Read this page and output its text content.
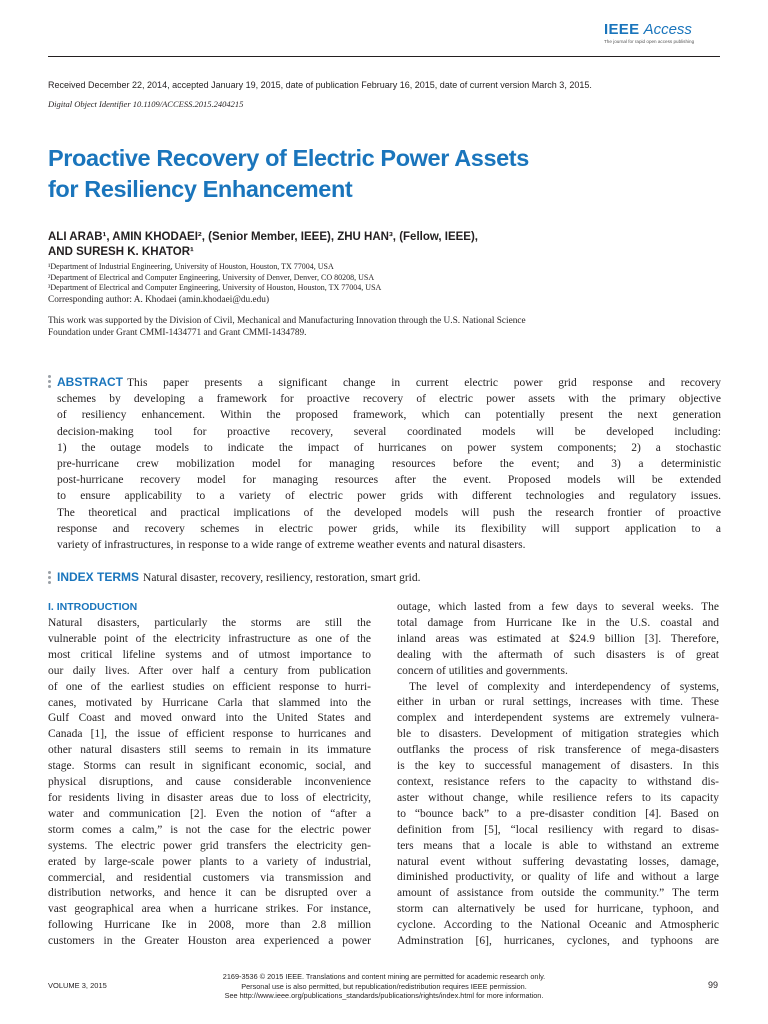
IEEE Access
The journal for rapid open access publishing
Received December 22, 2014, accepted January 19, 2015, date of publication February 16, 2015, date of current version March 3, 2015.
Digital Object Identifier 10.1109/ACCESS.2015.2404215
Proactive Recovery of Electric Power Assets
for Resiliency Enhancement
ALI ARAB¹, AMIN KHODAEI², (Senior Member, IEEE), ZHU HAN³, (Fellow, IEEE),
AND SURESH K. KHATOR¹
¹Department of Industrial Engineering, University of Houston, Houston, TX 77004, USA
²Department of Electrical and Computer Engineering, University of Denver, Denver, CO 80208, USA
³Department of Electrical and Computer Engineering, University of Houston, Houston, TX 77004, USA
Corresponding author: A. Khodaei (amin.khodaei@du.edu)
This work was supported by the Division of Civil, Mechanical and Manufacturing Innovation through the U.S. National Science
Foundation under Grant CMMI-1434771 and Grant CMMI-1434789.
ABSTRACT This paper presents a significant change in current electric power grid response and recovery
schemes by developing a framework for proactive recovery of electric power assets with the primary objective
of resiliency enhancement. Within the proposed framework, which can potentially present the next generation
decision-making tool for proactive recovery, several coordinated models will be developed including:
1) the outage models to indicate the impact of hurricanes on power system components; 2) a stochastic
pre-hurricane crew mobilization model for managing resources before the event; and 3) a deterministic
post-hurricane recovery model for managing resources after the event. Proposed models will be extended
to ensure applicability to a variety of electric power grids with different technologies and regulatory issues.
The theoretical and practical implications of the developed models will push the research frontier of proactive
response and recovery schemes in electric power grids, while its flexibility will support application to a
variety of infrastructures, in response to a wide range of extreme weather events and natural disasters.
INDEX TERMS Natural disaster, recovery, resiliency, restoration, smart grid.
I. INTRODUCTION
Natural disasters, particularly the storms are still the
vulnerable point of the electricity infrastructure as one of the
most critical lifeline systems and of utmost importance to
our daily lives. After over half a century from publication
of one of the earliest studies on efficient response to hurri-
canes, motivated by Hurricane Carla that slammed into the
Gulf Coast and moved onward into the United States and
Canada [1], the issue of efficient response to hurricanes and
other natural disasters still seems to remain in its immature
stage. Storms can result in significant economic, social, and
physical disruptions, and cause considerable inconvenience
for residents living in disaster areas due to loss of electricity,
water and communication [2]. Even the notion of “after a
storm comes a calm,” is not the case for the electric power
systems. The electric power grid transfers the electricity gen-
erated by large-scale power plants to a variety of industrial,
commercial, and residential customers via transmission and
distribution networks, and hence it can be disrupted over a
vast geographical area when a hurricane strikes. For instance,
following Hurricane Ike in 2008, more than 2.8 million
customers in the Greater Houston area experienced a power
outage, which lasted from a few days to several weeks. The
total damage from Hurricane Ike in the U.S. coastal and
inland areas was estimated at $24.9 billion [3]. Therefore,
dealing with the aftermath of such disasters is of great
concern of utilities and governments.
The level of complexity and interdependency of systems,
either in urban or rural settings, increases with time. These
complex and interdependent systems are extremely vulnera-
ble to disasters. Development of mitigation strategies which
outflanks the process of risk transference of mega-disasters
is the key to successful management of disasters. In this
context, resistance refers to the capacity to withstand dis-
aster without change, while resilience refers to its capacity
to “bounce back” to a pre-disaster condition [4]. Based on
definition from [5], “local resiliency with regard to disas-
ters means that a locale is able to withstand an extreme
natural event without suffering devastating losses, damage,
diminished productivity, or quality of life and without a large
amount of assistance from outside the community.” The term
storm can alternatively be used for hurricane, typhoon, and
cyclone. According to the National Oceanic and Atmospheric
Adminstration [6], hurricanes, cyclones, and typhoons are
VOLUME 3, 2015
2169-3536 © 2015 IEEE. Translations and content mining are permitted for academic research only.
Personal use is also permitted, but republication/redistribution requires IEEE permission.
See http://www.ieee.org/publications_standards/publications/rights/index.html for more information.
99
